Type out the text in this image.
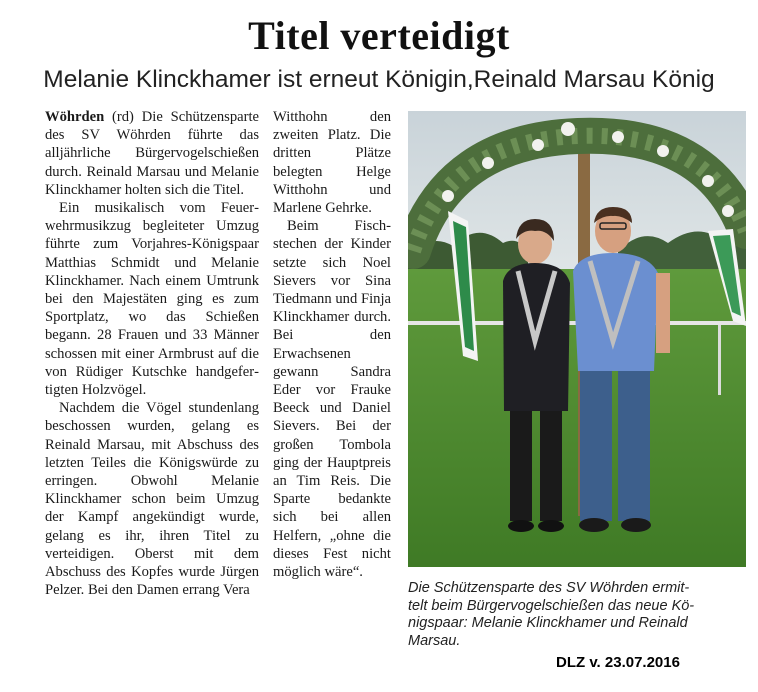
Titel verteidigt
Melanie Klinckhamer ist erneut Königin,Reinald Marsau König

Wöhrden (rd) Die Schützensparte des SV Wöhrden führte das alljährliche Bürgervogelschießen durch. Reinald Marsau und Melanie Klinckhamer holten sich die Titel.

Ein musikalisch vom Feuerwehrmusikzug begleiteter Umzug führte zum Vorjahres-Königspaar Matthias Schmidt und Melanie Klinckhamer. Nach einem Umtrunk bei den Majestäten ging es zum Sportplatz, wo das Schießen begann. 28 Frauen und 33 Männer schossen mit einer Armbrust auf die von Rüdiger Kutschke handgefertigten Holzvögel.

Nachdem die Vögel stundenlang beschossen wurden, gelang es Reinald Marsau, mit Abschuss des letzten Teiles die Königswürde zu erringen. Obwohl Melanie Klinckhamer schon beim Umzug der Kampf angekündigt wurde, gelang es ihr, ihren Titel zu verteidigen. Oberst mit dem Abschuss des Kopfes wurde Jürgen Pelzer. Bei den Damen errang Vera

Witthohn den zweiten Platz. Die dritten Plätze belegten Helge Witthohn und Marlene Gehrke.

Beim Fischstechen der Kinder setzte sich Noel Sievers vor Sina Tiedmann und Finja Klinckhamer durch. Bei den Erwachsenen gewann Sandra Eder vor Frauke Beeck und Daniel Sievers. Bei der großen Tombola ging der Hauptpreis an Tim Reis. Die Sparte bedankte sich bei allen Helfern, „ohne die dieses Fest nicht möglich wäre“.

Die Schützensparte des SV Wöhrden ermit-
telt beim Bürgervogelschießen das neue Kö-
nigspaar: Melanie Klinckhamer und Reinald
Marsau.
DLZ v. 23.07.2016
